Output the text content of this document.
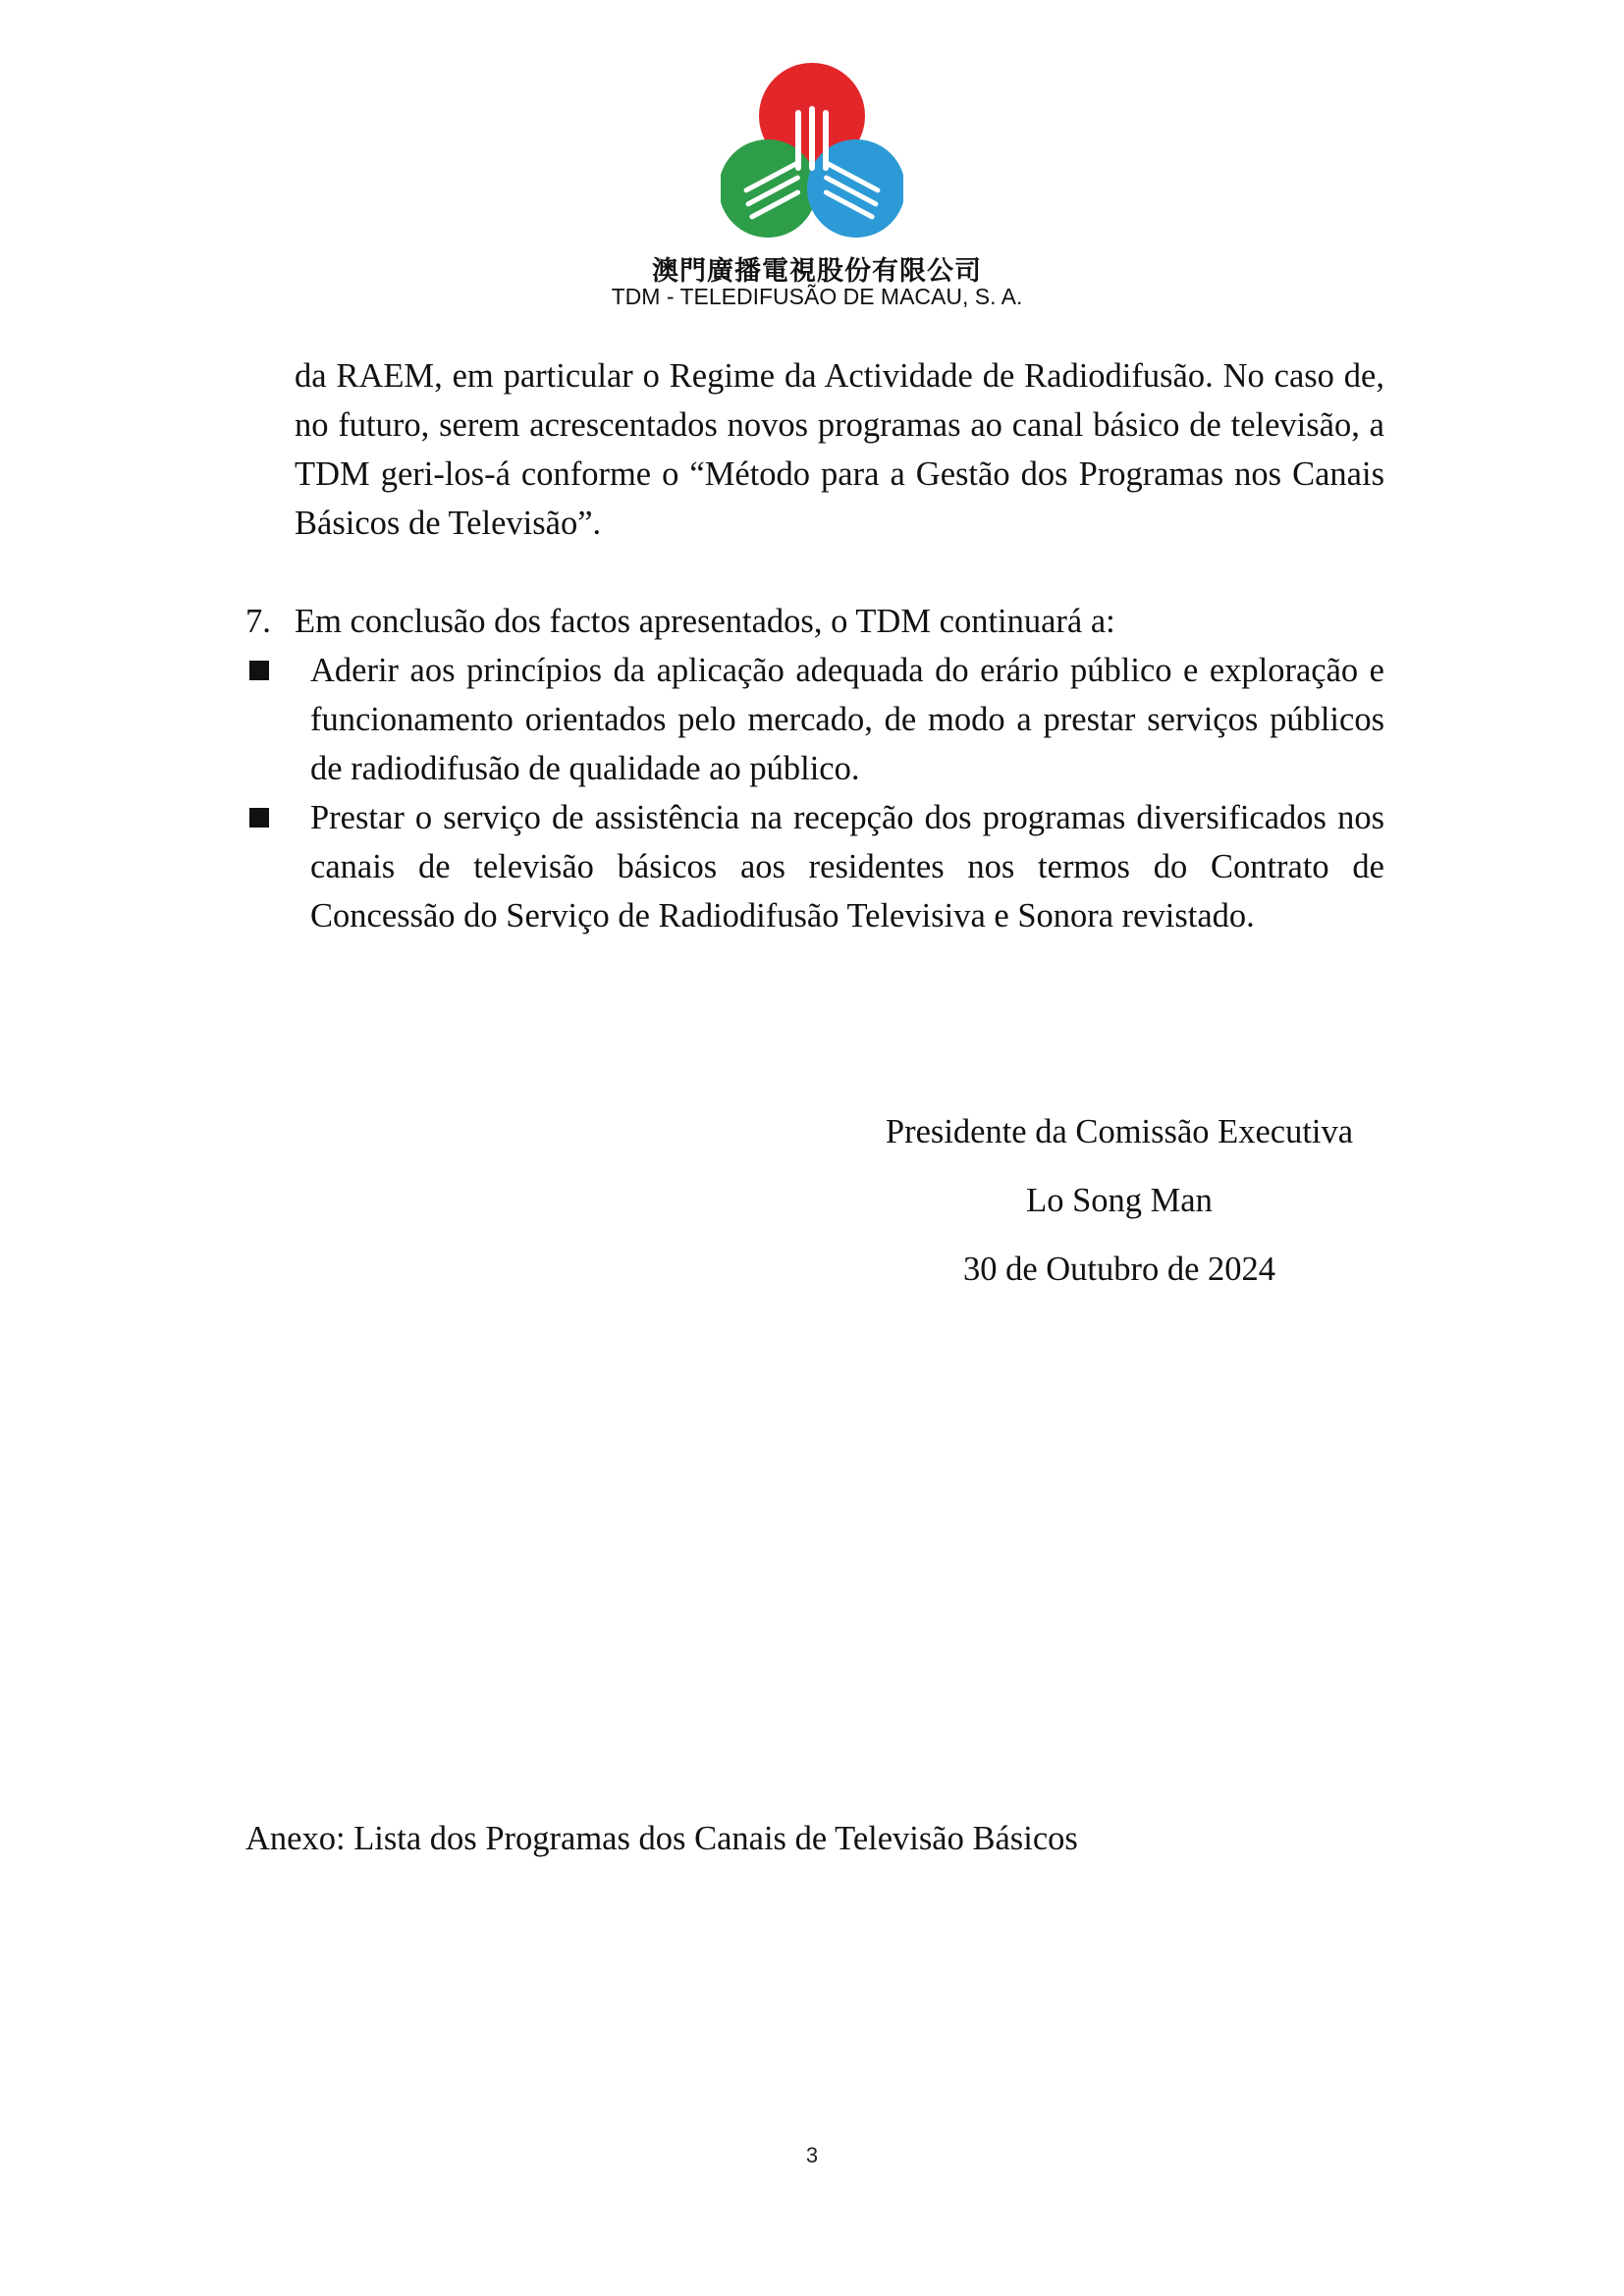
澳門廣播電視股份有限公司
TDM - TELEDIFUSÃO DE MACAU, S. A.
da RAEM, em particular o Regime da Actividade de Radiodifusão. No caso de, no futuro, serem acrescentados novos programas ao canal básico de televisão, a TDM geri-los-á conforme o “Método para a Gestão dos Programas nos Canais Básicos de Televisão”.
7. Em conclusão dos factos apresentados, o TDM continuará a:
Aderir aos princípios da aplicação adequada do erário público e exploração e funcionamento orientados pelo mercado, de modo a prestar serviços públicos de radiodifusão de qualidade ao público.
Prestar o serviço de assistência na recepção dos programas diversificados nos canais de televisão básicos aos residentes nos termos do Contrato de Concessão do Serviço de Radiodifusão Televisiva e Sonora revistado.
Presidente da Comissão Executiva
Lo Song Man
30 de Outubro de 2024
Anexo: Lista dos Programas dos Canais de Televisão Básicos
3
